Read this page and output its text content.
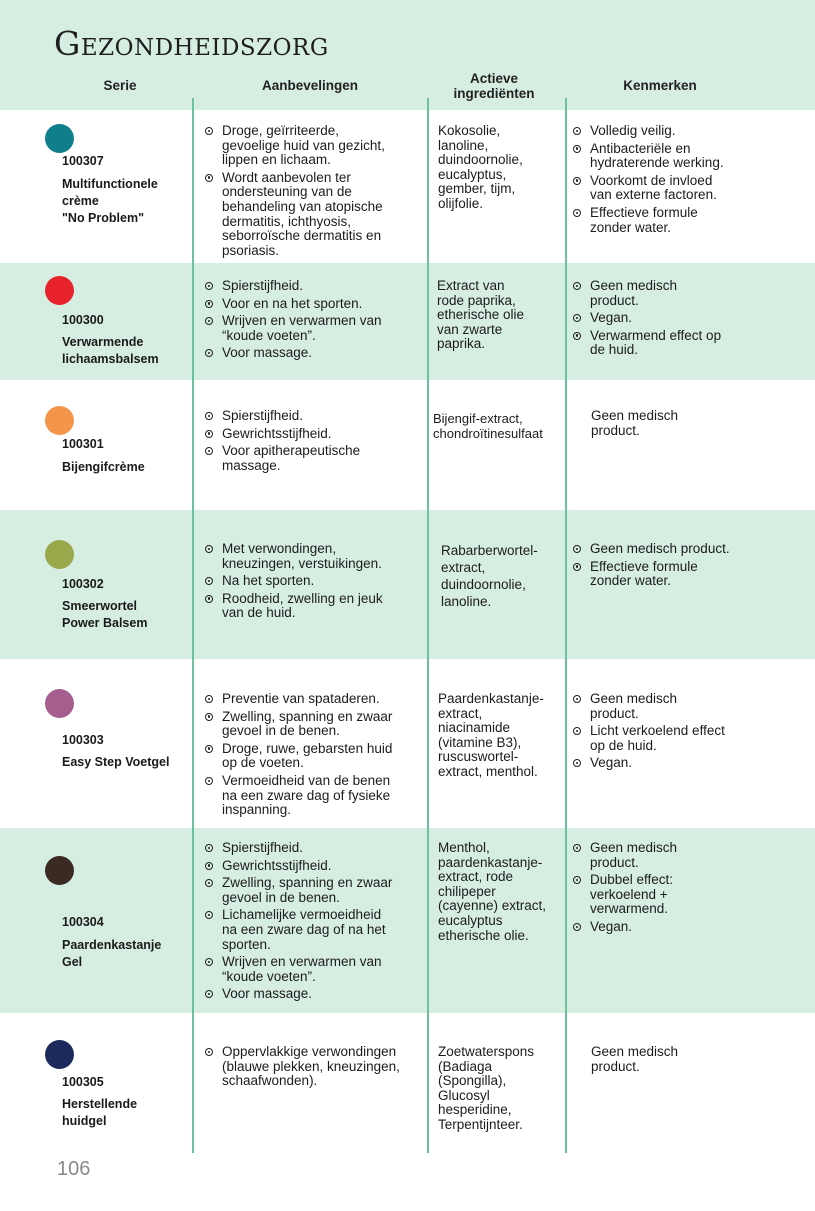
Gezondheidszorg
Serie	Aanbevelingen	Actieve
ingrediënten
Kenmerken
100307
Multifunctionele
crème
"No Problem"
Droge, geïrriteerde,
gevoelige huid van gezicht,
lippen en lichaam.
Wordt aanbevolen ter
ondersteuning van de
behandeling van atopische
dermatitis, ichthyosis,
seborroïsche dermatitis en
psoriasis.
Kokosolie,
lanoline,
duindoornolie,
eucalyptus,
gember, tijm,
olijfolie.
Volledig veilig.
Antibacteriële en
hydraterende werking.
Voorkomt de invloed
van externe factoren.
Effectieve formule
zonder water.
100300
Verwarmende
lichaamsbalsem
Spierstijfheid.
Voor en na het sporten.
Wrijven en verwarmen van
“koude voeten”.
Voor massage.
Extract van
rode paprika,
etherische olie
van zwarte
paprika.
Geen medisch
product.
Vegan.
Verwarmend effect op
de huid.
100301
Bijengifcrème
Spierstijfheid.
Gewrichtsstijfheid.
Voor apitherapeutische
massage.
Bijengif-extract,
chondroïtinesulfaat
Geen medisch
product.
100302
Smeerwortel
Power Balsem
Met verwondingen,
kneuzingen, verstuikingen.
Na het sporten.
Roodheid, zwelling en jeuk
van de huid.
Rabarberwortel-
extract,
duindoornolie,
lanoline.
Geen medisch product.
Effectieve formule
zonder water.
100303
Easy Step Voetgel
Preventie van spataderen.
Zwelling, spanning en zwaar
gevoel in de benen.
Droge, ruwe, gebarsten huid
op de voeten.
Vermoeidheid van de benen
na een zware dag of fysieke
inspanning.
Paardenkastanje-
extract,
niacinamide
(vitamine B3),
ruscuswortel-
extract, menthol.
Geen medisch
product.
Licht verkoelend effect
op de huid.
Vegan.
100304
Paardenkastanje
Gel
Spierstijfheid.
Gewrichtsstijfheid.
Zwelling, spanning en zwaar
gevoel in de benen.
Lichamelijke vermoeidheid
na een zware dag of na het
sporten.
Wrijven en verwarmen van
“koude voeten”.
Voor massage.
Menthol,
paardenkastanje-
extract, rode
chilipeper
(cayenne) extract,
eucalyptus
etherische olie.
Geen medisch
product.
Dubbel effect:
verkoelend +
verwarmend.
Vegan.
100305
Herstellende
huidgel
Oppervlakkige verwondingen
(blauwe plekken, kneuzingen,
schaafwonden).
Zoetwaterspons
(Badiaga
(Spongilla),
Glucosyl
hesperidine,
Terpentijnteer.
Geen medisch
product.
106
